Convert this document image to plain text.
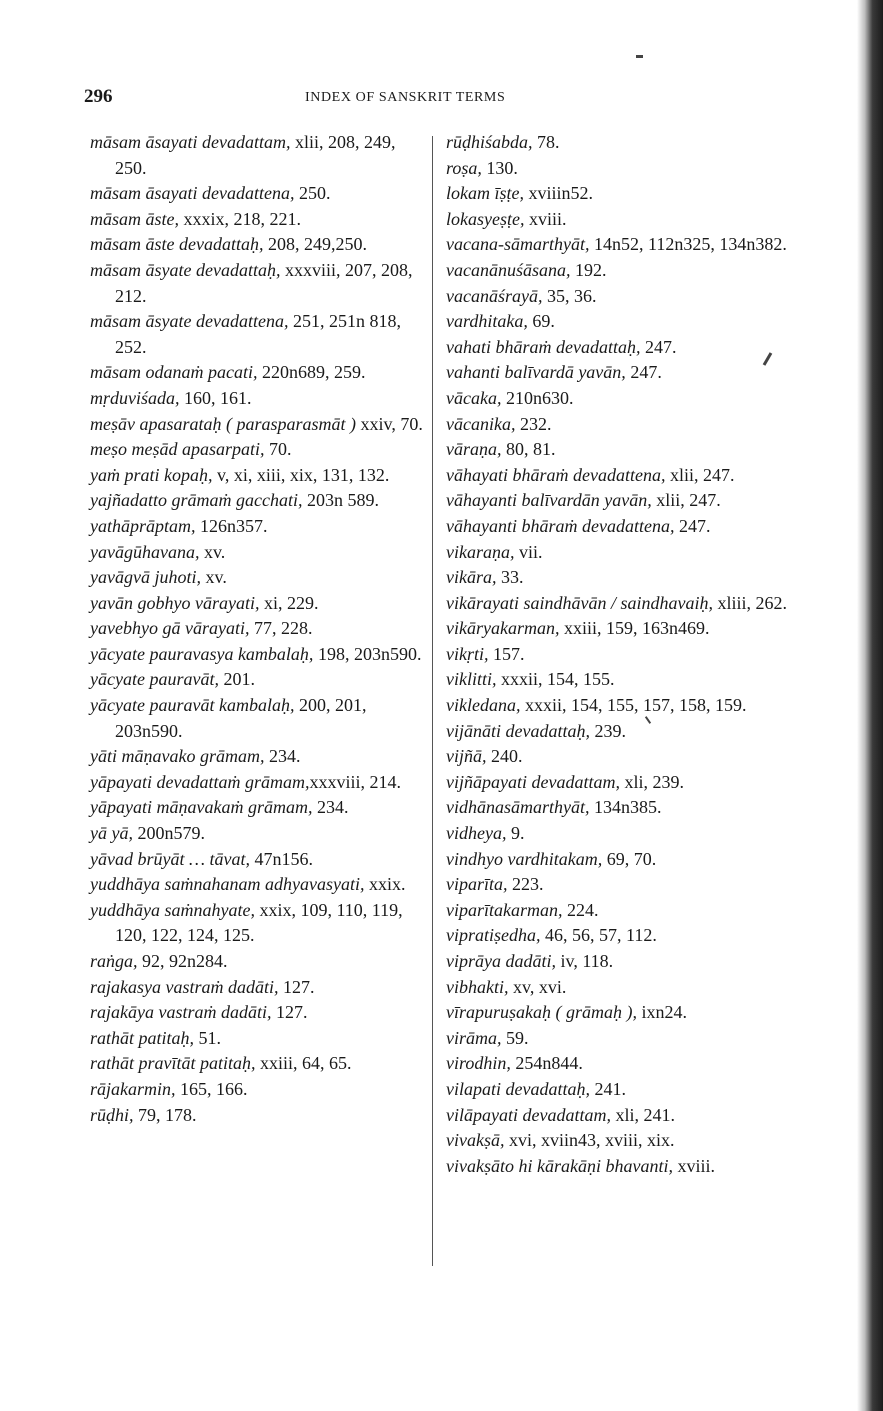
296	INDEX OF SANSKRIT TERMS
māsam āsayati devadattam, xlii, 208, 249, 250.
māsam āsayati devadattena, 250.
māsam āste, xxxix, 218, 221.
māsam āste devadattaḥ, 208, 249,250.
māsam āsyate devadattaḥ, xxxviii, 207, 208, 212.
māsam āsyate devadattena, 251, 251n 818, 252.
māsam odanaṁ pacati, 220n689, 259.
mṛduviśada, 160, 161.
meṣāv apasarataḥ ( parasparasmāt ) xxiv, 70.
meṣo meṣād apasarpati, 70.
yaṁ prati kopaḥ, v, xi, xiii, xix, 131, 132.
yajñadatto grāmaṁ gacchati, 203n 589.
yathāprāptam, 126n357.
yavāgūhavana, xv.
yavāgvā juhoti, xv.
yavān gobhyo vārayati, xi, 229.
yavebhyo gā vārayati, 77, 228.
yācyate pauravasya kambalaḥ, 198, 203n590.
yācyate pauravāt, 201.
yācyate pauravāt kambalaḥ, 200, 201, 203n590.
yāti māṇavako grāmam, 234.
yāpayati devadattaṁ grāmam,xxxviii, 214.
yāpayati māṇavakaṁ grāmam, 234.
yā yā, 200n579.
yāvad brūyāt … tāvat, 47n156.
yuddhāya saṁnahanam adhyavasyati, xxix.
yuddhāya saṁnahyate, xxix, 109, 110, 119, 120, 122, 124, 125.
raṅga, 92, 92n284.
rajakasya vastraṁ dadāti, 127.
rajakāya vastraṁ dadāti, 127.
rathāt patitaḥ, 51.
rathāt pravītāt patitaḥ, xxiii, 64, 65.
rājakarmin, 165, 166.
rūḍhi, 79, 178.
rūḍhiśabda, 78.
roṣa, 130.
lokam īṣṭe, xviiin52.
lokasyeṣṭe, xviii.
vacana-sāmarthyāt, 14n52, 112n325, 134n382.
vacanānuśāsana, 192.
vacanāśrayā, 35, 36.
vardhitaka, 69.
vahati bhāraṁ devadattaḥ, 247.
vahanti balīvardā yavān, 247.
vācaka, 210n630.
vācanika, 232.
vāraṇa, 80, 81.
vāhayati bhāraṁ devadattena, xlii, 247.
vāhayanti balīvardān yavān, xlii, 247.
vāhayanti bhāraṁ devadattena, 247.
vikaraṇa, vii.
vikāra, 33.
vikārayati saindhāvān / saindhavaiḥ, xliii, 262.
vikāryakarman, xxiii, 159, 163n469.
vikṛti, 157.
viklitti, xxxii, 154, 155.
vikledana, xxxii, 154, 155, 157, 158, 159.
vijānāti devadattaḥ, 239.
vijñā, 240.
vijñāpayati devadattam, xli, 239.
vidhānasāmarthyāt, 134n385.
vidheya, 9.
vindhyo vardhitakam, 69, 70.
viparīta, 223.
viparītakarman, 224.
vipratiṣedha, 46, 56, 57, 112.
viprāya dadāti, iv, 118.
vibhakti, xv, xvi.
vīrapuruṣakaḥ ( grāmaḥ ), ixn24.
virāma, 59.
virodhin, 254n844.
vilapati devadattaḥ, 241.
vilāpayati devadattam, xli, 241.
vivakṣā, xvi, xviin43, xviii, xix.
vivakṣāto hi kārakāṇi bhavanti, xviii.
